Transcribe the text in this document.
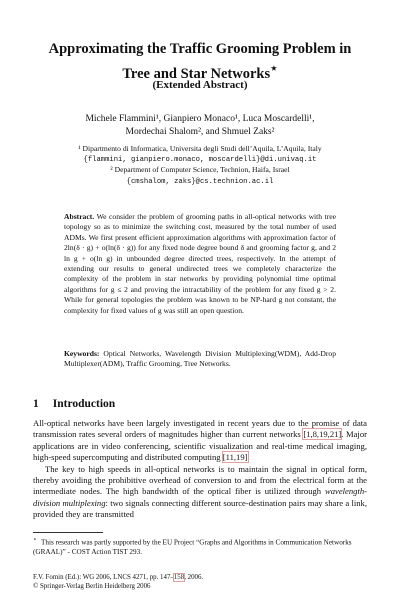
Approximating the Traffic Grooming Problem in
Tree and Star Networks⋆
(Extended Abstract)
Michele Flammini¹, Gianpiero Monaco¹, Luca Moscardelli¹,
Mordechai Shalom², and Shmuel Zaks²
¹ Dipartmento di Informatica, Universita degli Studi dell’Aquila, L’Aquila, Italy
{flammini, gianpiero.monaco, moscardelli}@di.univaq.it
² Department of Computer Science, Technion, Haifa, Israel
{cmshalom, zaks}@cs.technion.ac.il
Abstract. We consider the problem of grooming paths in all-optical networks with tree topology so as to minimize the switching cost, measured by the total number of used ADMs. We first present efficient approximation algorithms with approximation factor of 2ln(δ · g) + o(ln(δ · g)) for any fixed node degree bound δ and grooming factor g, and 2 ln g + o(ln g) in unbounded degree directed trees, respectively. In the attempt of extending our results to general undirected trees we completely characterize the complexity of the problem in star networks by providing polynomial time optimal algorithms for g ≤ 2 and proving the intractability of the problem for any fixed g > 2. While for general topologies the problem was known to be NP-hard g not constant, the complexity for fixed values of g was still an open question.
Keywords: Optical Networks, Wavelength Division Multiplexing(WDM), Add-Drop Multiplexer(ADM), Traffic Grooming, Tree Networks.
1 Introduction

All-optical networks have been largely investigated in recent years due to the promise of data transmission rates several orders of magnitudes higher than current networks [1,8,19,21]. Major applications are in video conferencing, scientific visualization and real-time medical imaging, high-speed supercomputing and distributed computing [11,19].

The key to high speeds in all-optical networks is to maintain the signal in optical form, thereby avoiding the prohibitive overhead of conversion to and from the electrical form at the intermediate nodes. The high bandwidth of the optical fiber is utilized through wavelength-division multiplexing: two signals connecting different source-destination pairs may share a link, provided they are transmitted

⋆ This research was partly supported by the EU Project “Graphs and Algorithms in Communication Networks (GRAAL)” - COST Action TIST 293.
F.V. Fomin (Ed.): WG 2006, LNCS 4271, pp. 147–158, 2006.
© Springer-Verlag Berlin Heidelberg 2006
